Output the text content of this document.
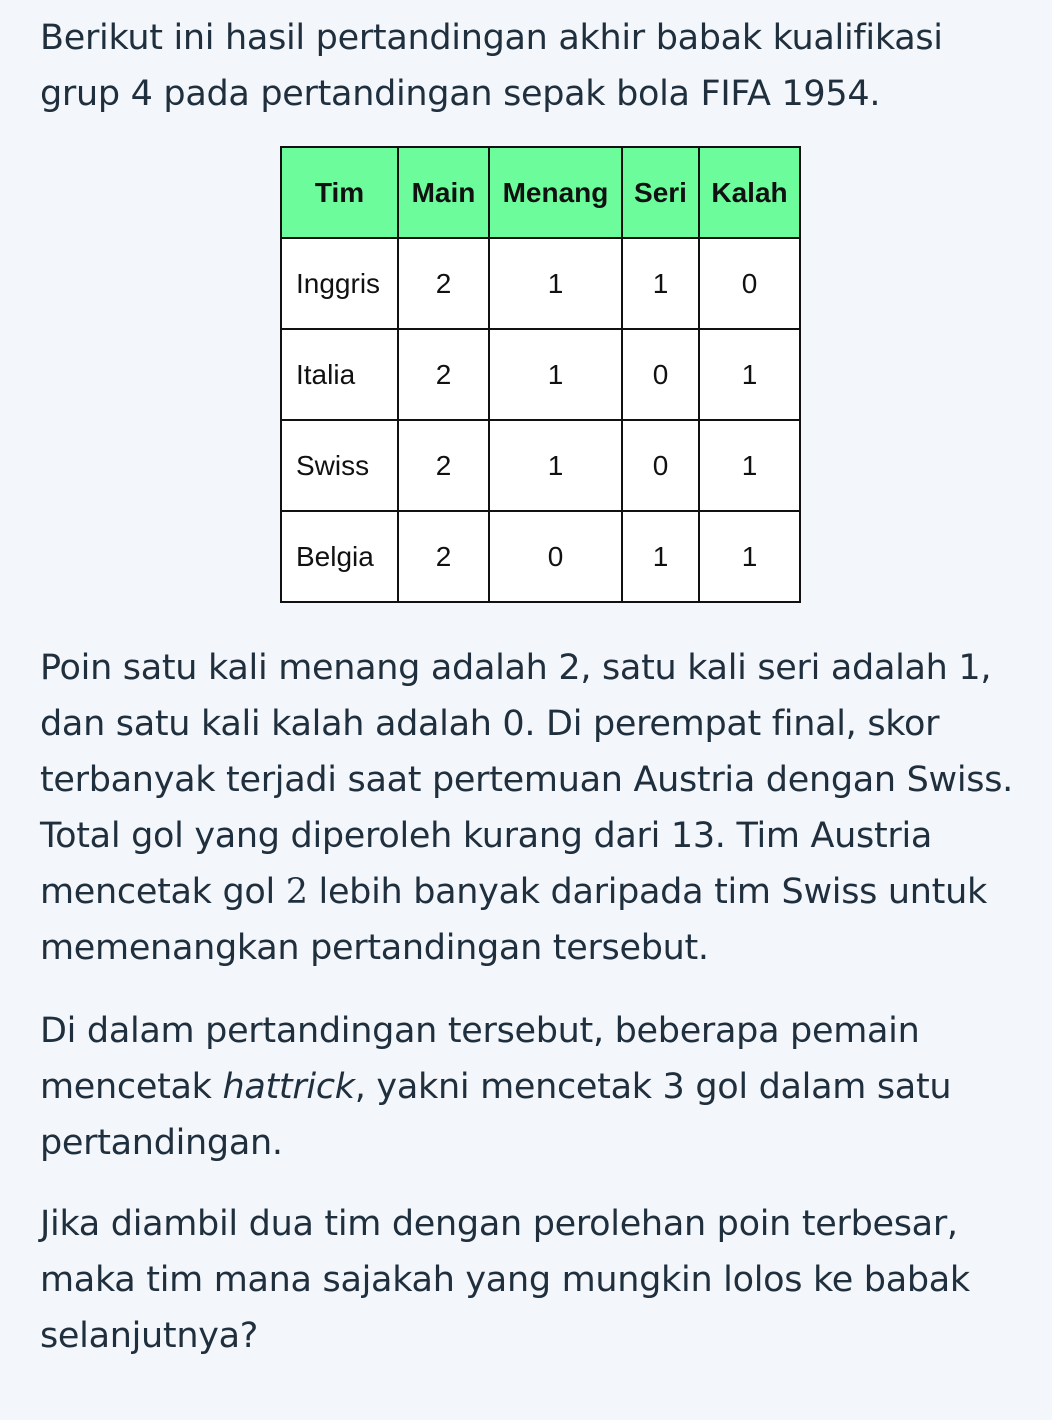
Berikut ini hasil pertandingan akhir babak kualifikasi grup 4 pada pertandingan sepak bola FIFA 1954.

Tim	Main	Menang	Seri	Kalah
Inggris	2	1	1	0
Italia	2	1	0	1
Swiss	2	1	0	1
Belgia	2	0	1	1

Poin satu kali menang adalah 2, satu kali seri adalah 1, dan satu kali kalah adalah 0. Di perempat final, skor terbanyak terjadi saat pertemuan Austria dengan Swiss. Total gol yang diperoleh kurang dari 13. Tim Austria mencetak gol 2 lebih banyak daripada tim Swiss untuk memenangkan pertandingan tersebut.

Di dalam pertandingan tersebut, beberapa pemain mencetak hattrick, yakni mencetak 3 gol dalam satu pertandingan.

Jika diambil dua tim dengan perolehan poin terbesar, maka tim mana sajakah yang mungkin lolos ke babak selanjutnya?
